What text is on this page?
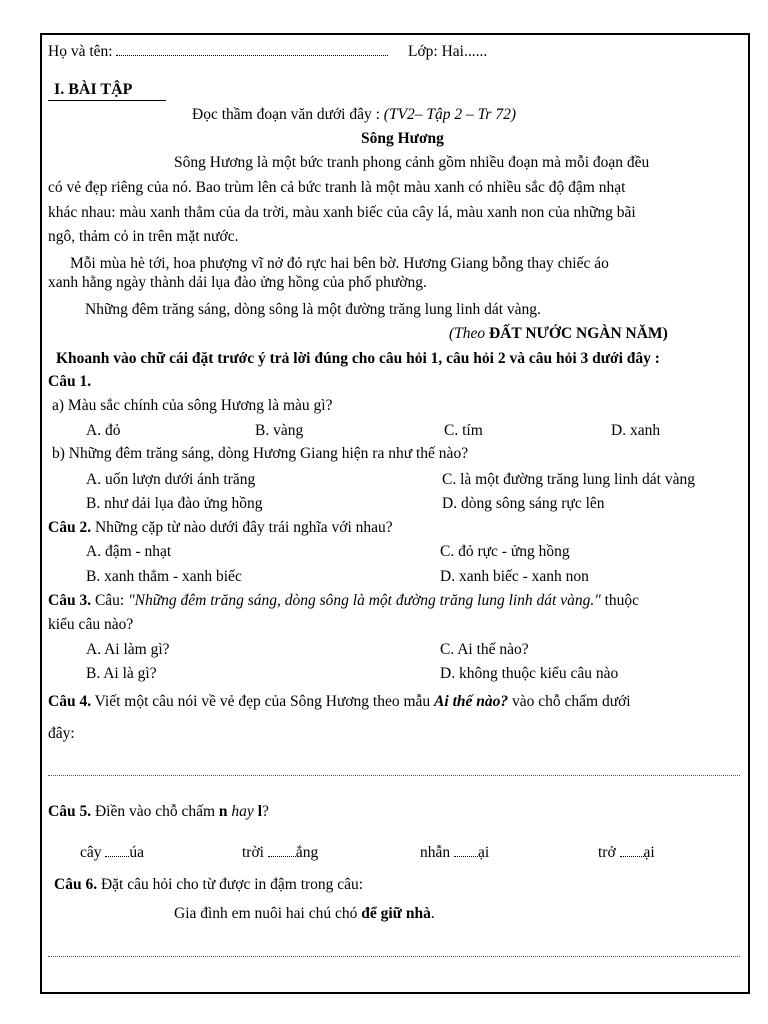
Họ và tên:	Lớp: Hai......
I. BÀI TẬP
Đọc thầm đoạn văn dưới đây : (TV2– Tập 2 – Tr 72)
Sông Hương
Sông Hương là một bức tranh phong cảnh gồm nhiều đoạn mà mỗi đoạn đều
có vẻ đẹp riêng của nó. Bao trùm lên cả bức tranh là một màu xanh có nhiều sắc độ đậm nhạt
khác nhau: màu xanh thẳm của da trời, màu xanh biếc của cây lá, màu xanh non của những bãi
ngô, thảm cỏ in trên mặt nước.
Mỗi mùa hè tới, hoa phượng vĩ nở đỏ rực hai bên bờ. Hương Giang bỗng thay chiếc áo
xanh hằng ngày thành dải lụa đào ửng hồng của phố phường.
Những đêm trăng sáng, dòng sông là một đường trăng lung linh dát vàng.
(Theo ĐẤT NƯỚC NGÀN NĂM)
Khoanh vào chữ cái đặt trước ý trả lời đúng cho câu hỏi 1, câu hỏi 2 và câu hỏi 3 dưới đây :
Câu 1.
a) Màu sắc chính của sông Hương là màu gì?
A. đỏ	B. vàng	C. tím	D. xanh
b) Những đêm trăng sáng, dòng Hương Giang hiện ra như thế nào?
A. uốn lượn dưới ánh trăng	C. là một đường trăng lung linh dát vàng
B. như dải lụa đào ửng hồng	D. dòng sông sáng rực lên
Câu 2. Những cặp từ nào dưới đây trái nghĩa với nhau?
A. đậm - nhạt	C. đỏ rực - ửng hồng
B. xanh thẳm - xanh biếc	D. xanh biếc - xanh non
Câu 3. Câu: "Những đêm trăng sáng, dòng sông là một đường trăng lung linh dát vàng." thuộc
kiểu câu nào?
A. Ai làm gì?	C. Ai thế nào?
B. Ai là gì?	D. không thuộc kiểu câu nào
Câu 4. Viết một câu nói về vẻ đẹp của Sông Hương theo mẫu Ai thế nào? vào chỗ chấm dưới
đây:
Câu 5. Điền vào chỗ chấm n hay l?
cây úa	trời ắng	nhẫn ại	trở ại
Câu 6. Đặt câu hỏi cho từ được in đậm trong câu:
Gia đình em nuôi hai chú chó để giữ nhà.
